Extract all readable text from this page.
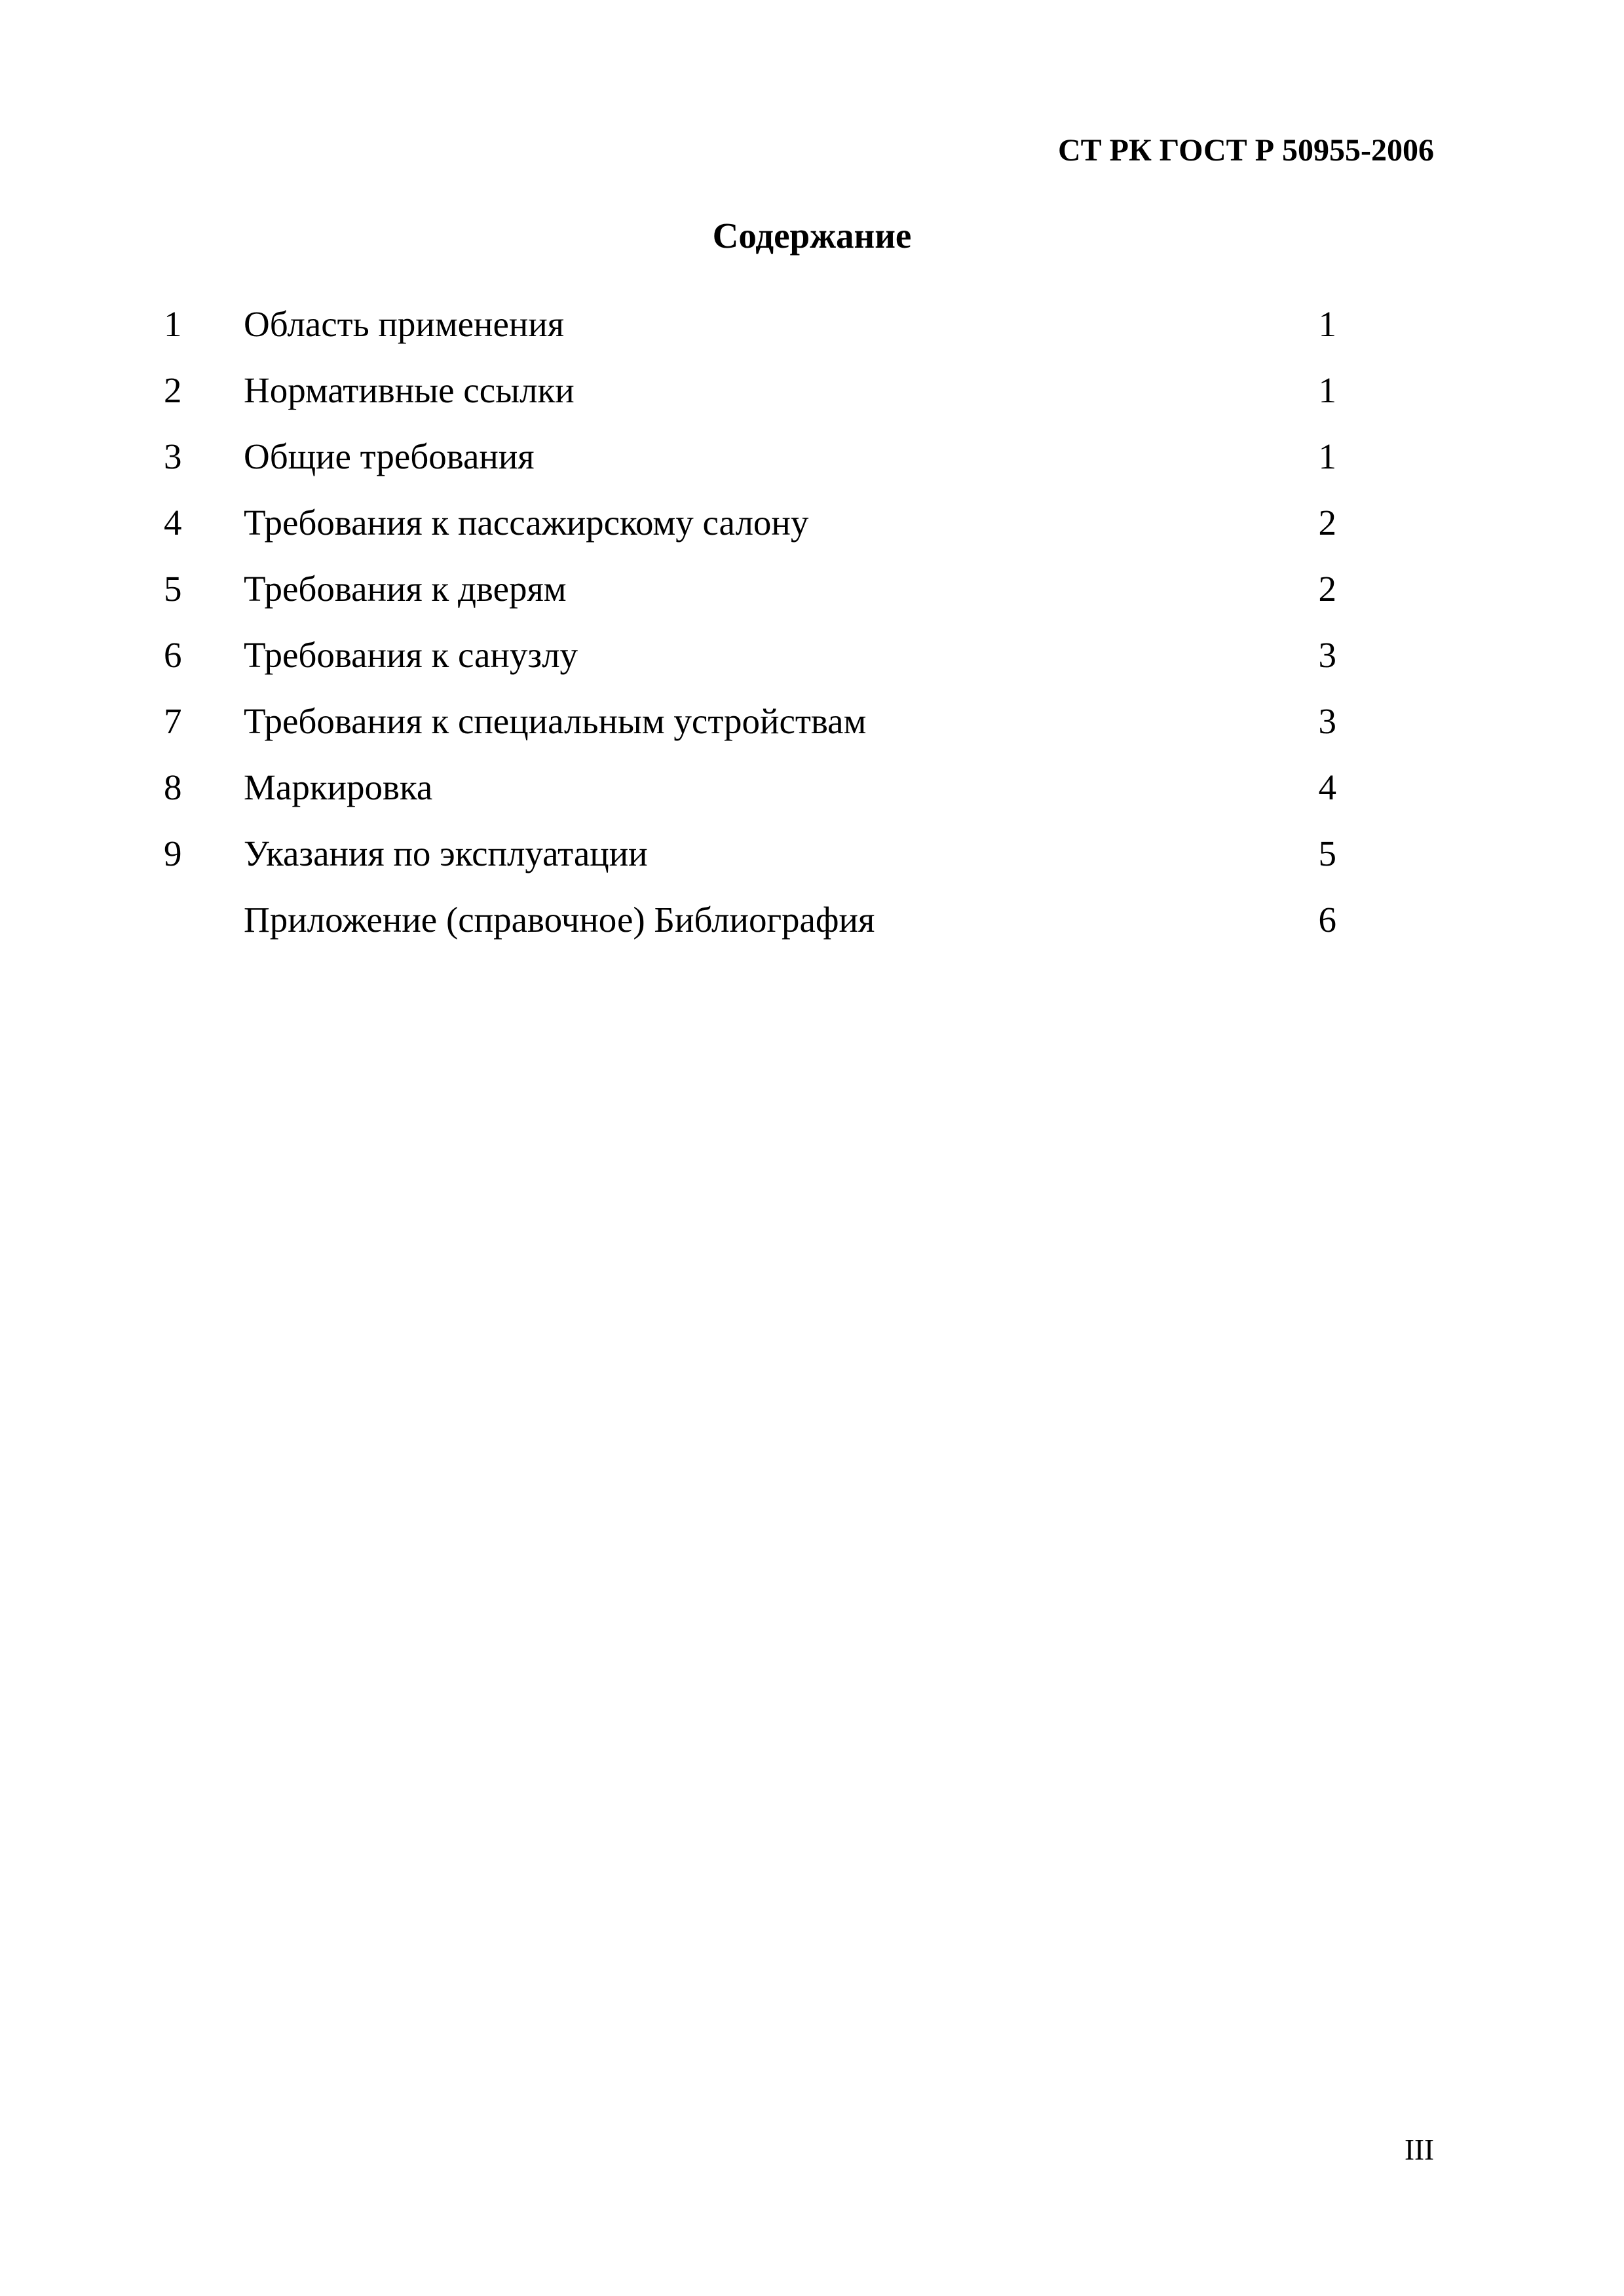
СТ РК ГОСТ Р 50955-2006
Содержание
1	Область применения	1
2	Нормативные ссылки	1
3	Общие требования	1
4	Требования к пассажирскому салону	2
5	Требования к дверям	2
6	Требования к санузлу	3
7	Требования к специальным устройствам	3
8	Маркировка	4
9	Указания по эксплуатации	5
Приложение (справочное) Библиография	6
III
